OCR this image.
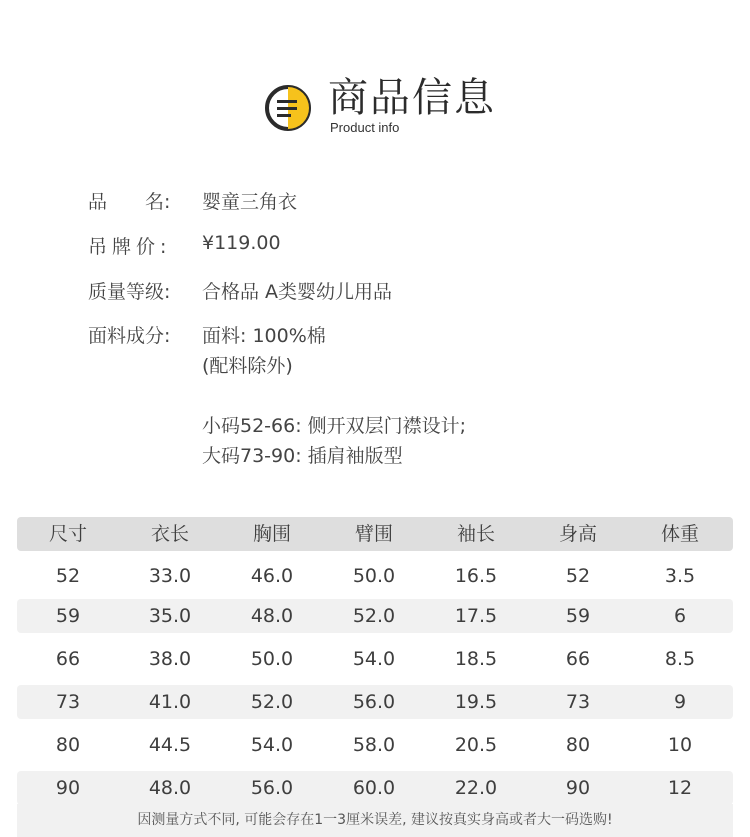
商品信息
Product info
品　　名:	婴童三角衣
吊牌价:	¥119.00
质量等级:	合格品 A类婴幼儿用品
面料成分:	面料: 100%棉
(配料除外)
小码52-66: 侧开双层门襟设计;
大码73-90: 插肩袖版型
尺寸	衣长	胸围	臂围	袖长	身高	体重
52	33.0	46.0	50.0	16.5	52	3.5
59	35.0	48.0	52.0	17.5	59	6
66	38.0	50.0	54.0	18.5	66	8.5
73	41.0	52.0	56.0	19.5	73	9
80	44.5	54.0	58.0	20.5	80	10
90	48.0	56.0	60.0	22.0	90	12
因测量方式不同, 可能会存在1一3厘米误差, 建议按真实身高或者大一码选购!
